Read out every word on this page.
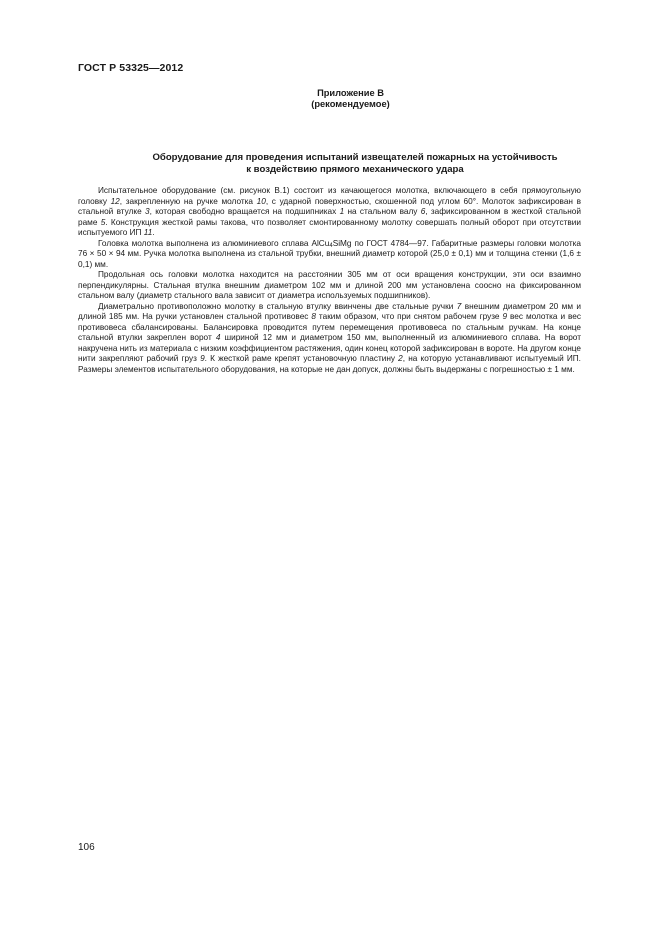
ГОСТ Р 53325—2012
Приложение В
(рекомендуемое)
Оборудование для проведения испытаний извещателей пожарных на устойчивость
к воздействию прямого механического удара

Испытательное оборудование (см. рисунок В.1) состоит из качающегося молотка, включающего в себя прямоугольную головку 12, закрепленную на ручке молотка 10, с ударной поверхностью, скошенной под углом 60°. Молоток зафиксирован в стальной втулке 3, которая свободно вращается на подшипниках 1 на стальном валу 6, зафиксированном в жесткой стальной раме 5. Конструкция жесткой рамы такова, что позволяет смонтированному молотку совершать полный оборот при отсутствии испытуемого ИП 11.

Головка молотка выполнена из алюминиевого сплава AlCu$_4$SiMg по ГОСТ 4784—97. Габаритные размеры головки молотка 76 × 50 × 94 мм. Ручка молотка выполнена из стальной трубки, внешний диаметр которой (25,0 ± 0,1) мм и толщина стенки (1,6 ± 0,1) мм.

Продольная ось головки молотка находится на расстоянии 305 мм от оси вращения конструкции, эти оси взаимно перпендикулярны. Стальная втулка внешним диаметром 102 мм и длиной 200 мм установлена соосно на фиксированном стальном валу (диаметр стального вала зависит от диаметра используемых подшипников).

Диаметрально противоположно молотку в стальную втулку ввинчены две стальные ручки 7 внешним диаметром 20 мм и длиной 185 мм. На ручки установлен стальной противовес 8 таким образом, что при снятом рабочем грузе 9 вес молотка и вес противовеса сбалансированы. Балансировка проводится путем перемещения противовеса по стальным ручкам. На конце стальной втулки закреплен ворот 4 шириной 12 мм и диаметром 150 мм, выполненный из алюминиевого сплава. На ворот накручена нить из материала с низким коэффициентом растяжения, один конец которой зафиксирован в вороте. На другом конце нити закрепляют рабочий груз 9. К жесткой раме крепят установочную пластину 2, на которую устанавливают испытуемый ИП. Размеры элементов испытательного оборудования, на которые не дан допуск, должны быть выдержаны с погрешностью ± 1 мм.

106
